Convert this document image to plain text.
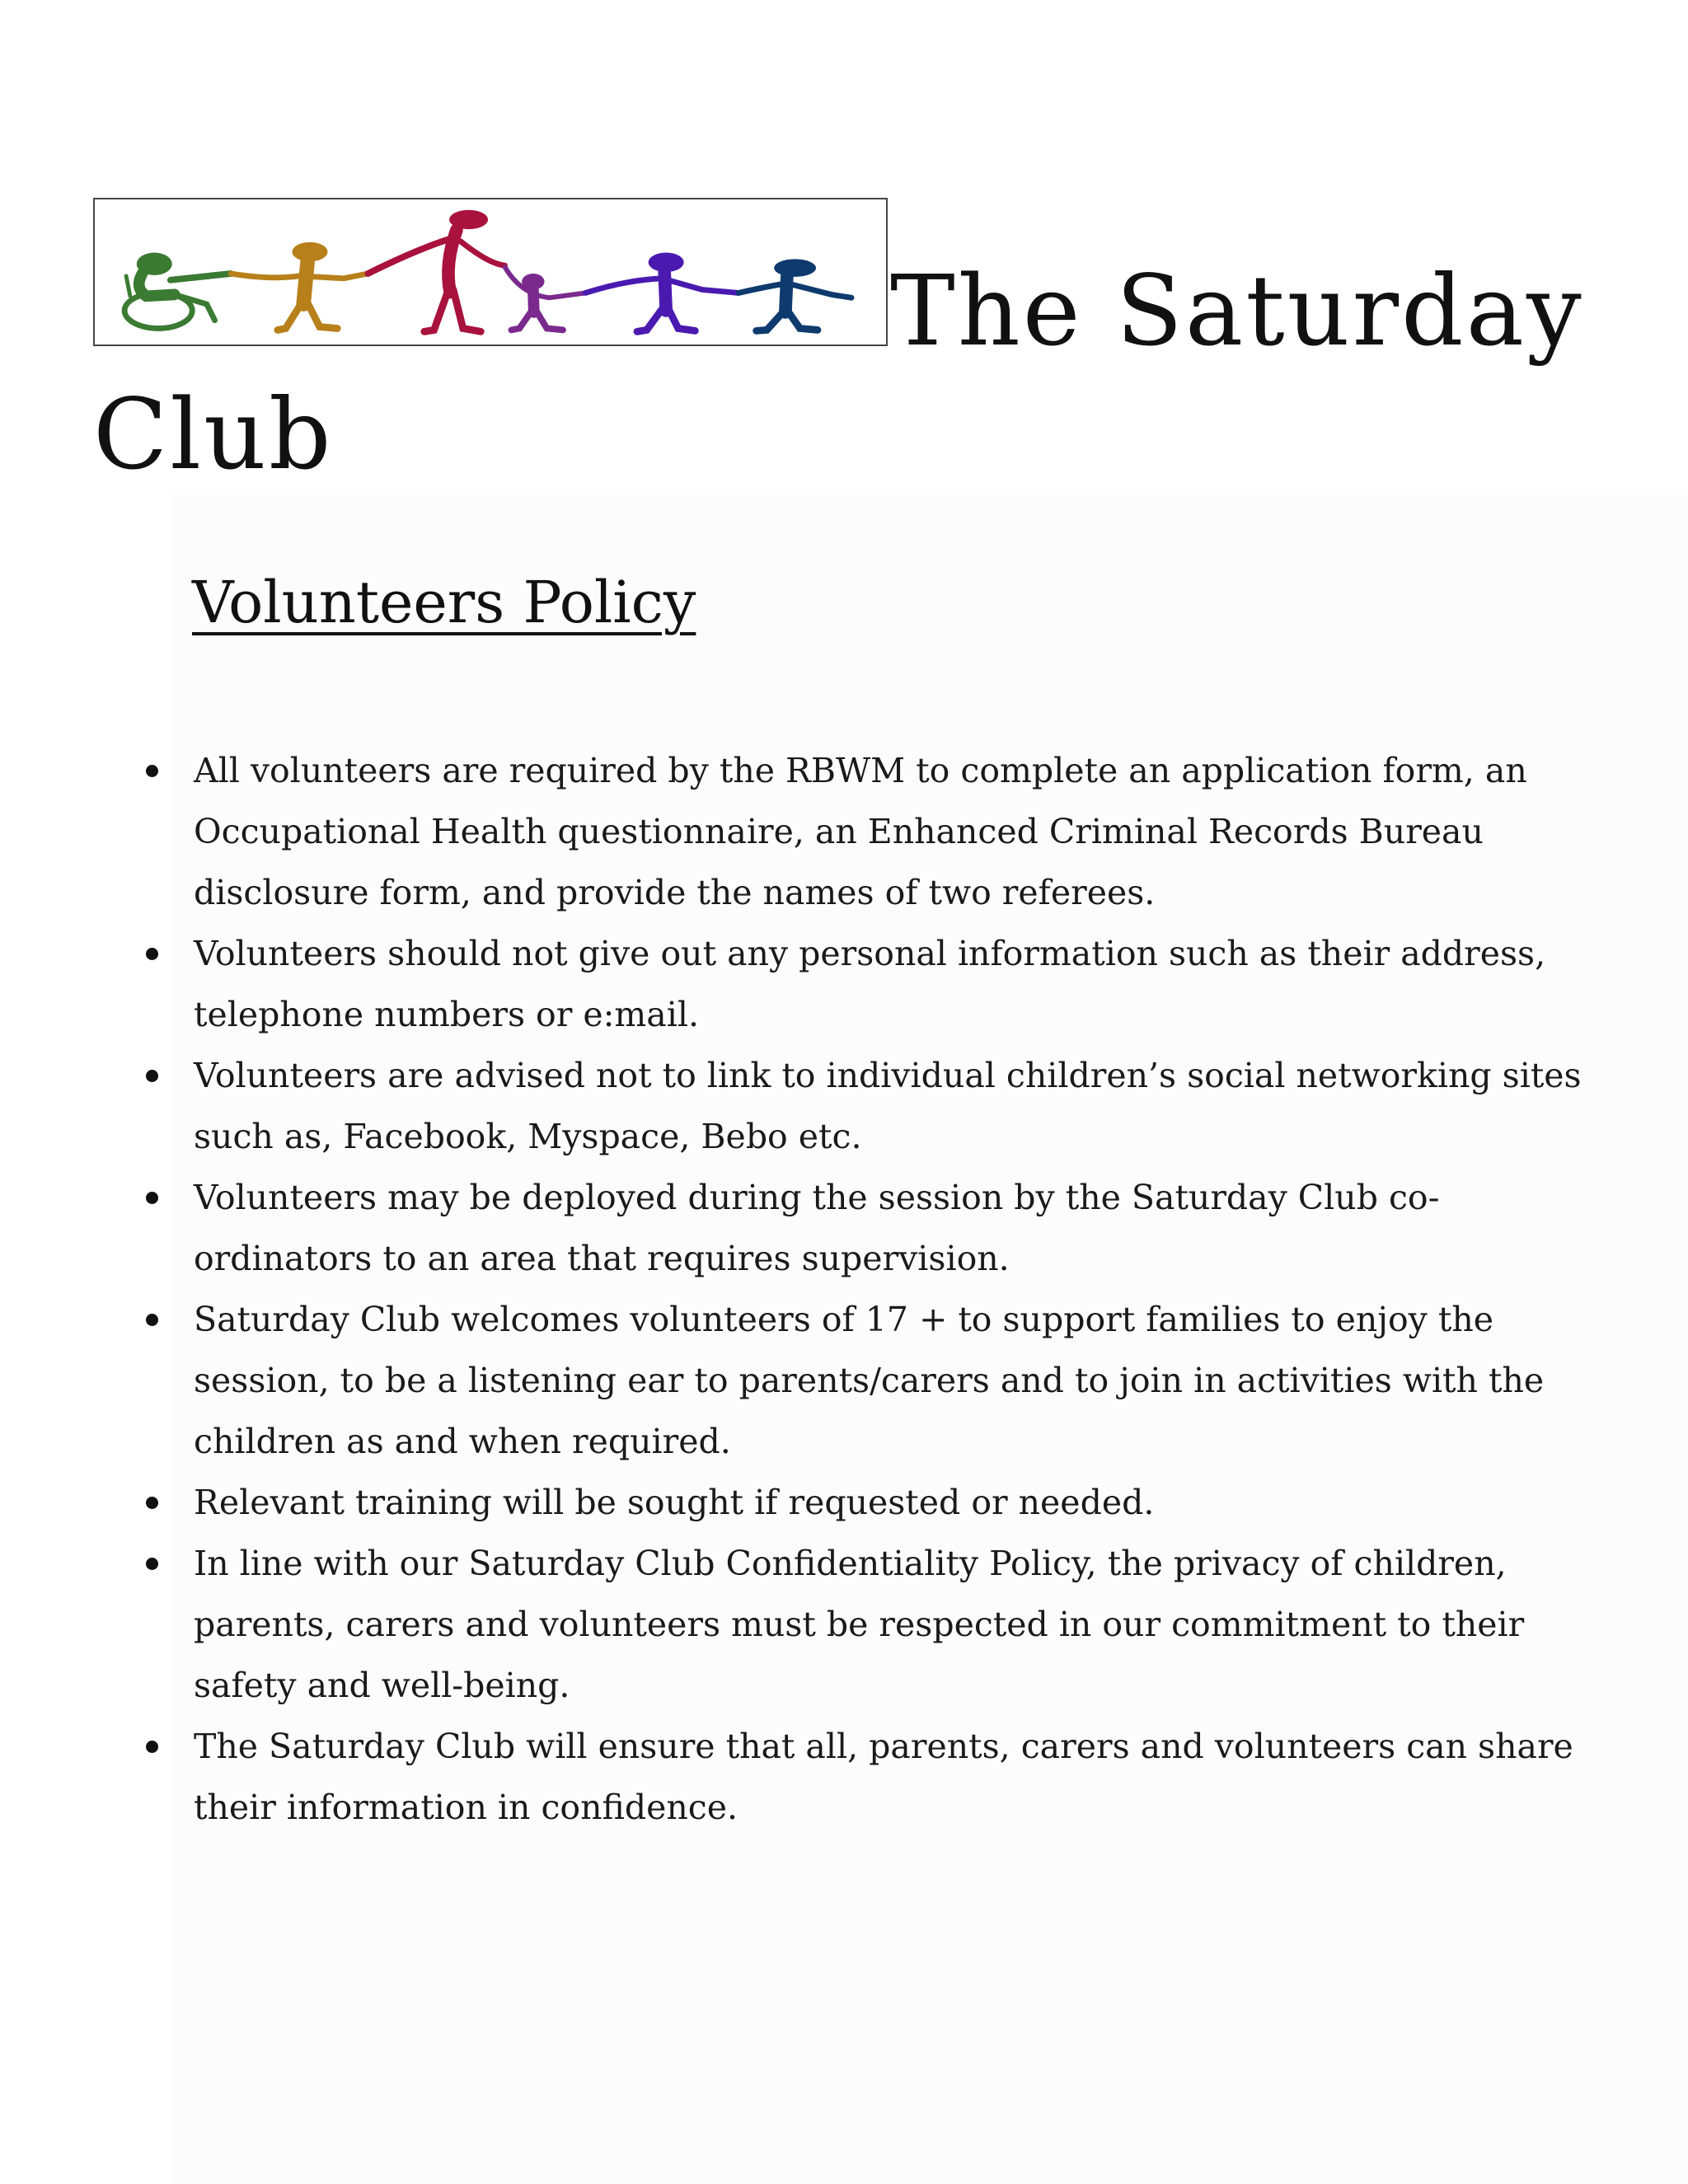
The Saturday
Club
Volunteers Policy
All volunteers are required by the RBWM to complete an application form, an Occupational Health questionnaire, an Enhanced Criminal Records Bureau disclosure form, and provide the names of two referees.
Volunteers should not give out any personal information such as their address, telephone numbers or e:mail.
Volunteers are advised not to link to individual children’s social networking sites such as, Facebook, Myspace, Bebo etc.
Volunteers may be deployed during the session by the Saturday Club co-ordinators to an area that requires supervision.
Saturday Club welcomes volunteers of 17 + to support families to enjoy the session, to be a listening ear to parents/carers and to join in activities with the children as and when required.
Relevant training will be sought if requested or needed.
In line with our Saturday Club Confidentiality Policy, the privacy of children, parents, carers and volunteers must be respected in our commitment to their safety and well-being.
The Saturday Club will ensure that all, parents, carers and volunteers can share their information in confidence.
